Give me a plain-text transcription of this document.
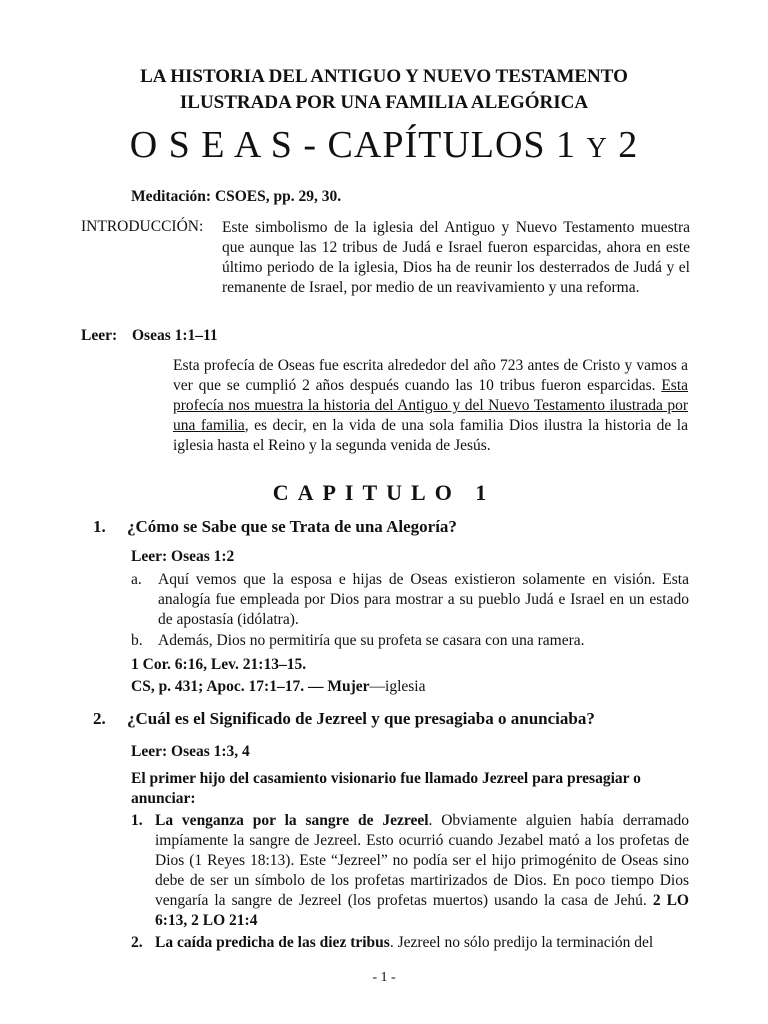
LA HISTORIA DEL ANTIGUO Y NUEVO TESTAMENTO
ILUSTRADA POR UNA FAMILIA ALEGÓRICA
O S E A S - CAPÍTULOS 1 Y 2
Meditación: CSOES, pp. 29, 30.
INTRODUCCIÓN: Este simbolismo de la iglesia del Antiguo y Nuevo Testamento muestra que aunque las 12 tribus de Judá e Israel fueron esparcidas, ahora en este último periodo de la iglesia, Dios ha de reunir los desterrados de Judá y el remanente de Israel, por medio de un reavivamiento y una reforma.
Leer: Oseas 1:1–11
Esta profecía de Oseas fue escrita alrededor del año 723 antes de Cristo y vamos a ver que se cumplió 2 años después cuando las 10 tribus fueron esparcidas. Esta profecía nos muestra la historia del Antiguo y del Nuevo Testamento ilustrada por una familia, es decir, en la vida de una sola familia Dios ilustra la historia de la iglesia hasta el Reino y la segunda venida de Jesús.
CAPITULO 1
1. ¿Cómo se Sabe que se Trata de una Alegoría?
Leer: Oseas 1:2
a. Aquí vemos que la esposa e hijas de Oseas existieron solamente en visión. Esta analogía fue empleada por Dios para mostrar a su pueblo Judá e Israel en un estado de apostasía (idólatra).
b. Además, Dios no permitiría que su profeta se casara con una ramera.
1 Cor. 6:16, Lev. 21:13–15.
CS, p. 431; Apoc. 17:1–17. — Mujer—iglesia
2. ¿Cuál es el Significado de Jezreel y que presagiaba o anunciaba?
Leer: Oseas 1:3, 4
El primer hijo del casamiento visionario fue llamado Jezreel para presagiar o anunciar:
1. La venganza por la sangre de Jezreel. Obviamente alguien había derramado impíamente la sangre de Jezreel. Esto ocurrió cuando Jezabel mató a los profetas de Dios (1 Reyes 18:13). Este “Jezreel” no podía ser el hijo primogénito de Oseas sino debe de ser un símbolo de los profetas martirizados de Dios. En poco tiempo Dios vengaría la sangre de Jezreel (los profetas muertos) usando la casa de Jehú. 2 LO 6:13, 2 LO 21:4
2. La caída predicha de las diez tribus. Jezreel no sólo predijo la terminación del
- 1 -
